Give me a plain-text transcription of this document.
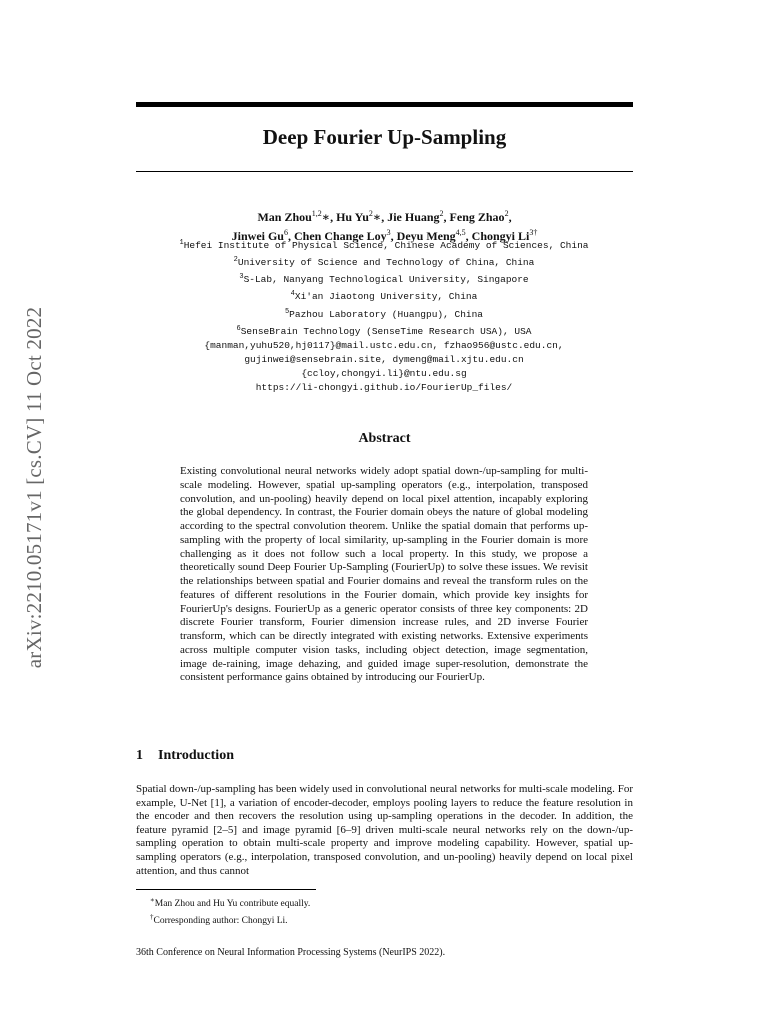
arXiv:2210.05171v1 [cs.CV] 11 Oct 2022
Deep Fourier Up-Sampling
Man Zhou$^{1,2}$∗, Hu Yu$^2$∗, Jie Huang$^2$, Feng Zhao$^2$,
Jinwei Gu$^6$, Chen Change Loy$^3$, Deyu Meng$^{4,5}$, Chongyi $Li^{3\dagger}$
$^1$Hefei Institute of Physical Science, Chinese Academy of Sciences, China
$^2$University of Science and Technology of China, China
$^3$S-Lab, Nanyang Technological University, Singapore
$^4$Xi'an Jiaotong University, China
$^5$Pazhou Laboratory (Huangpu), China
$^6$SenseBrain Technology (SenseTime Research USA), USA
{manman,yuhu520,hj0117}@mail.ustc.edu.cn, fzhao956@ustc.edu.cn,
gujinwei@sensebrain.site, dymeng@mail.xjtu.edu.cn
{ccloy,chongyi.li}@ntu.edu.sg
https://li-chongyi.github.io/FourierUp_files/
Abstract

Existing convolutional neural networks widely adopt spatial down-/up-sampling for multi-scale modeling. However, spatial up-sampling operators (e.g., interpolation, transposed convolution, and un-pooling) heavily depend on local pixel attention, incapably exploring the global dependency. In contrast, the Fourier domain obeys the nature of global modeling according to the spectral convolution theorem. Unlike the spatial domain that performs up-sampling with the property of local similarity, up-sampling in the Fourier domain is more challenging as it does not follow such a local property. In this study, we propose a theoretically sound Deep Fourier Up-Sampling (FourierUp) to solve these issues. We revisit the relationships between spatial and Fourier domains and reveal the transform rules on the features of different resolutions in the Fourier domain, which provide key insights for FourierUp's designs. FourierUp as a generic operator consists of three key components: 2D discrete Fourier transform, Fourier dimension increase rules, and 2D inverse Fourier transform, which can be directly integrated with existing networks. Extensive experiments across multiple computer vision tasks, including object detection, image segmentation, image de-raining, image dehazing, and guided image super-resolution, demonstrate the consistent performance gains obtained by introducing our FourierUp.

1 Introduction

Spatial down-/up-sampling has been widely used in convolutional neural networks for multi-scale modeling. For example, U-Net [1], a variation of encoder-decoder, employs pooling layers to reduce the feature resolution in the encoder and then recovers the resolution using up-sampling operations in the decoder. In addition, the feature pyramid [2–5] and image pyramid [6–9] driven multi-scale neural networks rely on the down-/up-sampling operation to obtain multi-scale property and improve modeling capability. However, spatial up-sampling operators (e.g., interpolation, transposed convolution, and un-pooling) heavily depend on local pixel attention, and thus cannot

∗Man Zhou and Hu Yu contribute equally.
†Corresponding author: Chongyi Li.
36th Conference on Neural Information Processing Systems (NeurIPS 2022).
